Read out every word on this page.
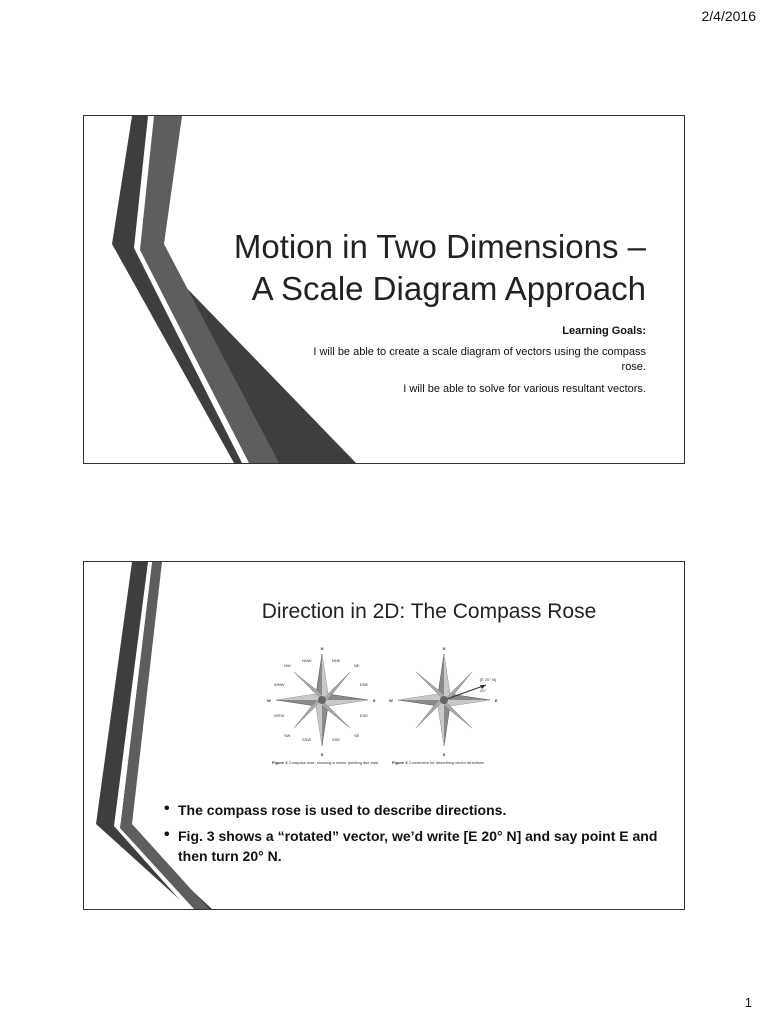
2/4/2016
Motion in Two Dimensions –
A Scale Diagram Approach
Learning Goals:

I will be able to create a scale diagram of vectors using the compass rose.

I will be able to solve for various resultant vectors.

Direction in 2D: The Compass Rose
N
S
E
W
NW	NE
SW	SE
NNW	NNE
WNW	ENE
WSW	ESE
SSW	SSE
N
S
E
W
[E 20° N]
20°
Figure 2 Compass rose, showing a vector pointing due east	Figure 3 Convention for describing vector directions
• The compass rose is used to describe directions.
• Fig. 3 shows a “rotated” vector, we’d write [E 20° N] and say point E and then turn 20° N.
1
